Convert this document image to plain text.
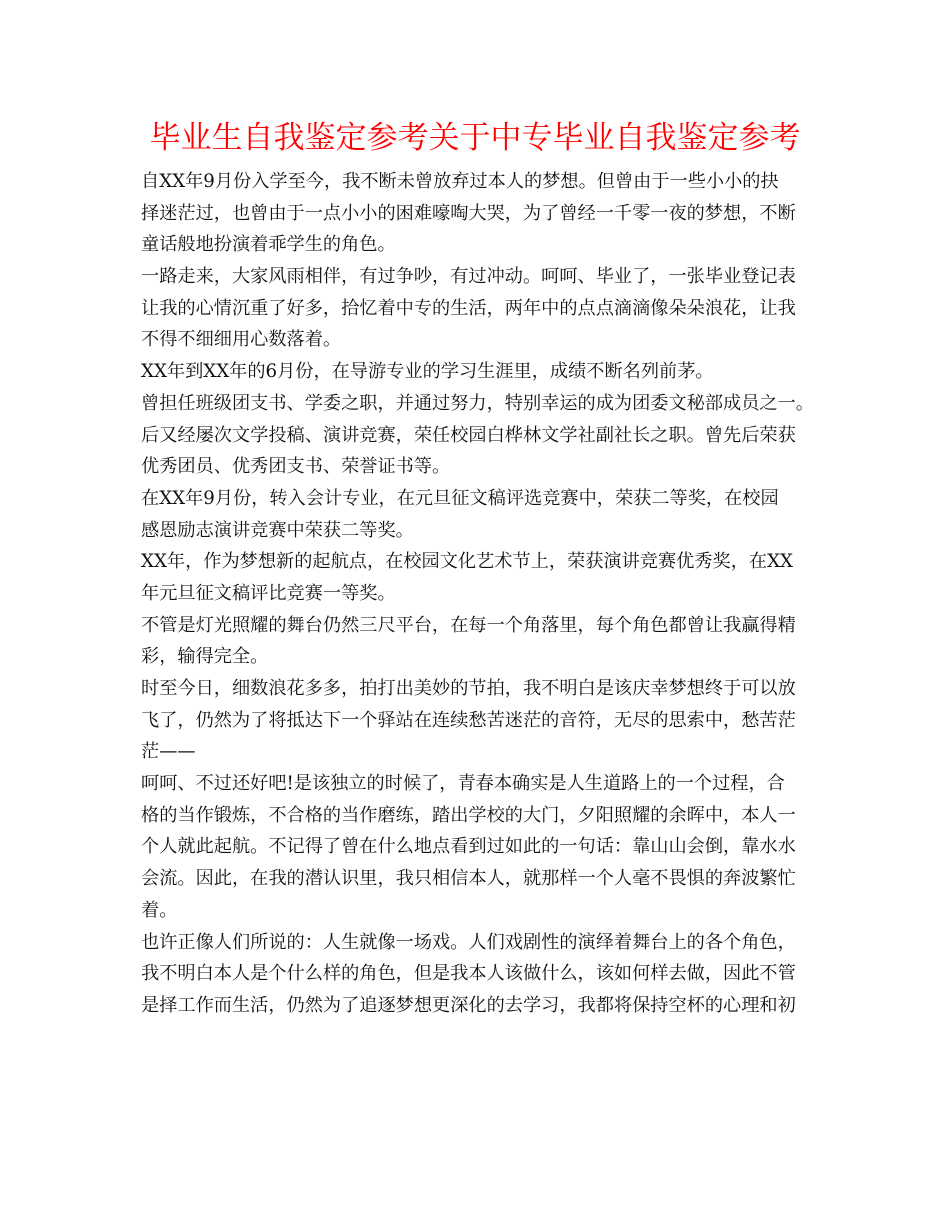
毕业生自我鉴定参考关于中专毕业自我鉴定参考
自XX年9月份入学至今，我不断未曾放弃过本人的梦想。但曾由于一些小小的抉
择迷茫过，也曾由于一点小小的困难嚎啕大哭，为了曾经一千零一夜的梦想，不断
童话般地扮演着乖学生的角色。
一路走来，大家风雨相伴，有过争吵，有过冲动。呵呵、毕业了，一张毕业登记表
让我的心情沉重了好多，拾忆着中专的生活，两年中的点点滴滴像朵朵浪花，让我
不得不细细用心数落着。
XX年到XX年的6月份，在导游专业的学习生涯里，成绩不断名列前茅。
曾担任班级团支书、学委之职，并通过努力，特别幸运的成为团委文秘部成员之一。
后又经屡次文学投稿、演讲竞赛，荣任校园白桦林文学社副社长之职。曾先后荣获
优秀团员、优秀团支书、荣誉证书等。
在XX年9月份，转入会计专业，在元旦征文稿评选竞赛中，荣获二等奖，在校园
感恩励志演讲竞赛中荣获二等奖。
XX年，作为梦想新的起航点，在校园文化艺术节上，荣获演讲竞赛优秀奖，在XX
年元旦征文稿评比竞赛一等奖。
不管是灯光照耀的舞台仍然三尺平台，在每一个角落里，每个角色都曾让我赢得精
彩，输得完全。
时至今日，细数浪花多多，拍打出美妙的节拍，我不明白是该庆幸梦想终于可以放
飞了，仍然为了将抵达下一个驿站在连续愁苦迷茫的音符，无尽的思索中，愁苦茫
茫——
呵呵、不过还好吧!是该独立的时候了，青春本确实是人生道路上的一个过程，合
格的当作锻炼，不合格的当作磨练，踏出学校的大门，夕阳照耀的余晖中，本人一
个人就此起航。不记得了曾在什么地点看到过如此的一句话：靠山山会倒，靠水水
会流。因此，在我的潜认识里，我只相信本人，就那样一个人毫不畏惧的奔波繁忙
着。
也许正像人们所说的：人生就像一场戏。人们戏剧性的演绎着舞台上的各个角色，
我不明白本人是个什么样的角色，但是我本人该做什么，该如何样去做，因此不管
是择工作而生活，仍然为了追逐梦想更深化的去学习，我都将保持空杯的心理和初
